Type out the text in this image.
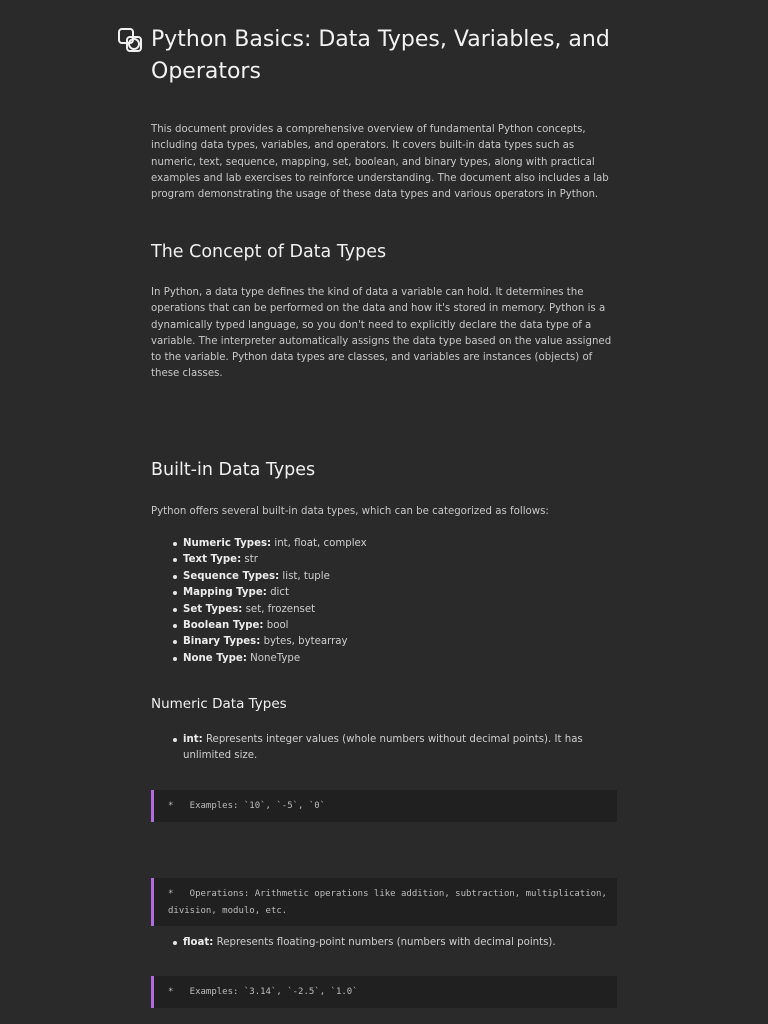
Python Basics: Data Types, Variables, and Operators

This document provides a comprehensive overview of fundamental Python concepts, including data types, variables, and operators. It covers built-in data types such as numeric, text, sequence, mapping, set, boolean, and binary types, along with practical examples and lab exercises to reinforce understanding. The document also includes a lab program demonstrating the usage of these data types and various operators in Python.

The Concept of Data Types

In Python, a data type defines the kind of data a variable can hold. It determines the operations that can be performed on the data and how it's stored in memory. Python is a dynamically typed language, so you don't need to explicitly declare the data type of a variable. The interpreter automatically assigns the data type based on the value assigned to the variable. Python data types are classes, and variables are instances (objects) of these classes.

Built-in Data Types

Python offers several built-in data types, which can be categorized as follows:

Numeric Types: int, float, complex
Text Type: str
Sequence Types: list, tuple
Mapping Type: dict
Set Types: set, frozenset
Boolean Type: bool
Binary Types: bytes, bytearray
None Type: NoneType
Numeric Data Types
int: Represents integer values (whole numbers without decimal points). It has unlimited size.
*   Examples: `10`, `-5`, `0`
*   Operations: Arithmetic operations like addition, subtraction, multiplication, division, modulo, etc.
float: Represents floating-point numbers (numbers with decimal points).
*   Examples: `3.14`, `-2.5`, `1.0`
